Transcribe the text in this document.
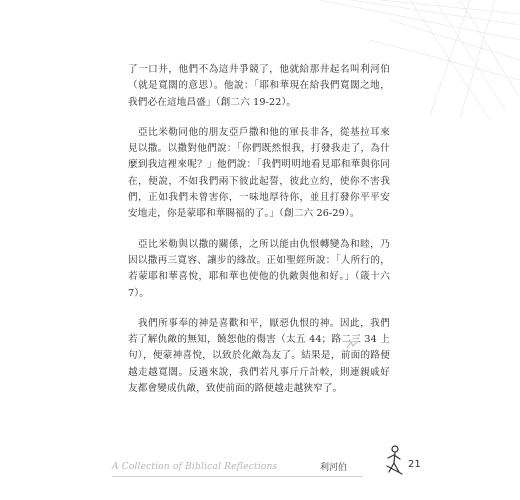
了一口井，他們不為這井爭競了，他就給那井起名叫利河伯（就是寬闊的意思）。他說：「耶和華現在給我們寬闊之地，我們必在這地昌盛」（創二六 19-22）。

亞比米勒同他的朋友亞戶撒和他的軍長非各，從基拉耳來見以撒。以撒對他們說：「你們既然恨我，打發我走了，為什麼到我這裡來呢？」他們說：「我們明明地看見耶和華與你同在，便說，不如我們兩下彼此起誓，彼此立約，使你不害我們，正如我們未曾害你，一味地厚待你，並且打發你平平安安地走，你是蒙耶和華賜福的了。」（創二六 26-29）。

亞比米勒與以撒的關係，之所以能由仇恨轉變為和睦，乃因以撒再三寬容、讓步的緣故。正如聖經所說：「人所行的，若蒙耶和華喜悅，耶和華也使他的仇敵與他和好。」（箴十六 7）。

我們所事奉的神是喜歡和平，厭惡仇恨的神。因此，我們若了解仇敵的無知，饒恕他的傷害（太五 44；路二三 34 上句），便蒙神喜悅，以致於化敵為友了。結果是，前面的路便越走越寬闊。反過來說，我們若凡事斤斤計較，則連親戚好友都會變成仇敵，致使前面的路便越走越狹窄了。

A Collection of Biblical Reflections	利河伯	21
